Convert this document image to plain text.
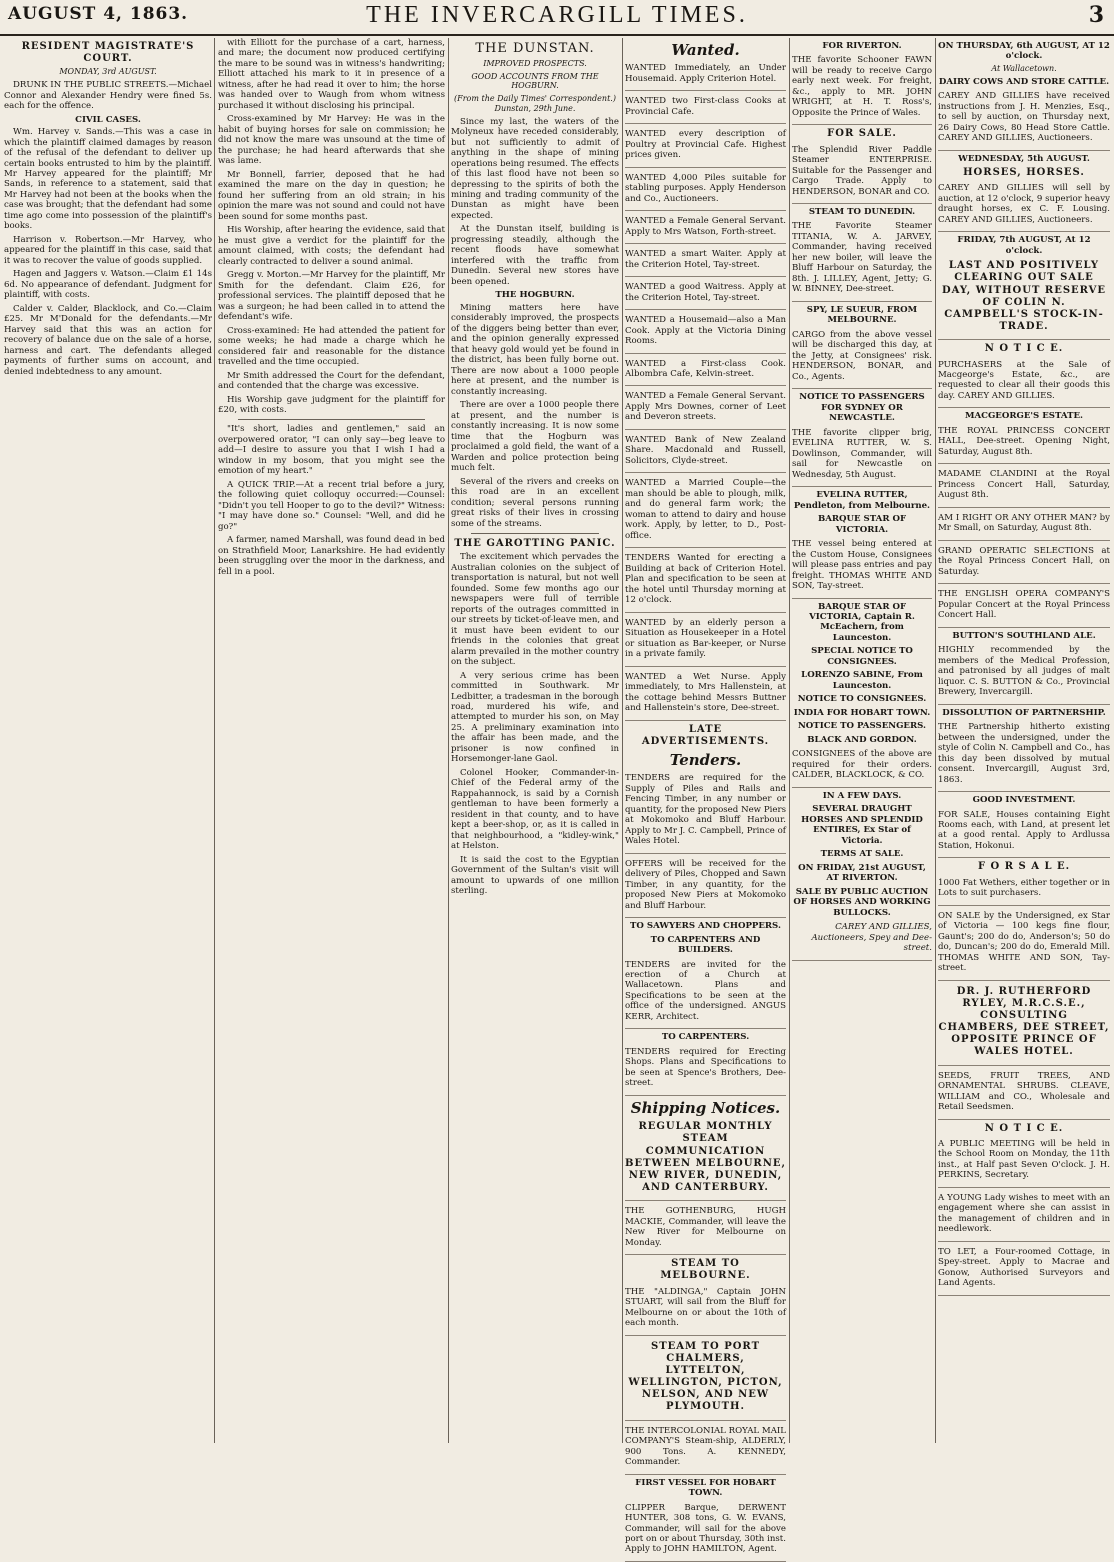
AUGUST 4, 1863.	THE INVERCARGILL TIMES.	3

RESIDENT MAGISTRATE'S COURT.

MONDAY, 3rd AUGUST.

DRUNK IN THE PUBLIC STREETS.—Michael Connor and Alexander Hendry were fined 5s. each for the offence.

CIVIL CASES.

Wm. Harvey v. Sands.—This was a case in which the plaintiff claimed damages by reason of the refusal of the defendant to deliver up certain books entrusted to him by the plaintiff. Mr Harvey appeared for the plaintiff; Mr Sands, in reference to a statement, said that Mr Harvey had not been at the books when the case was brought; that the defendant had some time ago come into possession of the plaintiff's books.

Harrison v. Robertson.—Mr Harvey, who appeared for the plaintiff in this case, said that it was to recover the value of goods supplied.

Hagen and Jaggers v. Watson.—Claim £1 14s 6d. No appearance of defendant. Judgment for plaintiff, with costs.

Calder v. Calder, Blacklock, and Co.—Claim £25. Mr M'Donald for the defendants.—Mr Harvey said that this was an action for recovery of balance due on the sale of a horse, harness and cart. The defendants alleged payments of further sums on account, and denied indebtedness to any amount.

with Elliott for the purchase of a cart, harness, and mare; the document now produced certifying the mare to be sound was in witness's handwriting; Elliott attached his mark to it in presence of a witness, after he had read it over to him; the horse was handed over to Waugh from whom witness purchased it without disclosing his principal.

Cross-examined by Mr Harvey: He was in the habit of buying horses for sale on commission; he did not know the mare was unsound at the time of the purchase; he had heard afterwards that she was lame.

Mr Bonnell, farrier, deposed that he had examined the mare on the day in question; he found her suffering from an old strain; in his opinion the mare was not sound and could not have been sound for some months past.

His Worship, after hearing the evidence, said that he must give a verdict for the plaintiff for the amount claimed, with costs; the defendant had clearly contracted to deliver a sound animal.

Gregg v. Morton.—Mr Harvey for the plaintiff, Mr Smith for the defendant. Claim £26, for professional services. The plaintiff deposed that he was a surgeon; he had been called in to attend the defendant's wife.

Cross-examined: He had attended the patient for some weeks; he had made a charge which he considered fair and reasonable for the distance travelled and the time occupied.

Mr Smith addressed the Court for the defendant, and contended that the charge was excessive.

His Worship gave judgment for the plaintiff for £20, with costs.

"It's short, ladies and gentlemen," said an overpowered orator, "I can only say—beg leave to add—I desire to assure you that I wish I had a window in my bosom, that you might see the emotion of my heart."

A QUICK TRIP.—At a recent trial before a jury, the following quiet colloquy occurred:—Counsel: "Didn't you tell Hooper to go to the devil?" Witness: "I may have done so." Counsel: "Well, and did he go?"

A farmer, named Marshall, was found dead in bed on Strathfield Moor, Lanarkshire. He had evidently been struggling over the moor in the darkness, and fell in a pool.

THE DUNSTAN.

IMPROVED PROSPECTS.

GOOD ACCOUNTS FROM THE HOGBURN.

(From the Daily Times' Correspondent.) Dunstan, 29th June.

Since my last, the waters of the Molyneux have receded considerably, but not sufficiently to admit of anything in the shape of mining operations being resumed. The effects of this last flood have not been so depressing to the spirits of both the mining and trading community of the Dunstan as might have been expected.

At the Dunstan itself, building is progressing steadily, although the recent floods have somewhat interfered with the traffic from Dunedin. Several new stores have been opened.

THE HOGBURN.

Mining matters here have considerably improved, the prospects of the diggers being better than ever, and the opinion generally expressed that heavy gold would yet be found in the district, has been fully borne out. There are now about a 1000 people here at present, and the number is constantly increasing.

There are over a 1000 people there at present, and the number is constantly increasing. It is now some time that the Hogburn was proclaimed a gold field, the want of a Warden and police protection being much felt.

Several of the rivers and creeks on this road are in an excellent condition; several persons running great risks of their lives in crossing some of the streams.

THE GAROTTING PANIC.

The excitement which pervades the Australian colonies on the subject of transportation is natural, but not well founded. Some few months ago our newspapers were full of terrible reports of the outrages committed in our streets by ticket-of-leave men, and it must have been evident to our friends in the colonies that great alarm prevailed in the mother country on the subject.

A very serious crime has been committed in Southwark. Mr Ledbitter, a tradesman in the borough road, murdered his wife, and attempted to murder his son, on May 25. A preliminary examination into the affair has been made, and the prisoner is now confined in Horsemonger-lane Gaol.

Colonel Hooker, Commander-in-Chief of the Federal army of the Rappahannock, is said by a Cornish gentleman to have been formerly a resident in that county, and to have kept a beer-shop, or, as it is called in that neighbourhood, a "kidley-wink," at Helston.

It is said the cost to the Egyptian Government of the Sultan's visit will amount to upwards of one million sterling.

Wanted.

WANTED Immediately, an Under Housemaid. Apply Criterion Hotel.

WANTED two First-class Cooks at Provincial Cafe.

WANTED every description of Poultry at Provincial Cafe. Highest prices given.

WANTED 4,000 Piles suitable for stabling purposes. Apply Henderson and Co., Auctioneers.

WANTED a Female General Servant. Apply to Mrs Watson, Forth-street.

WANTED a smart Waiter. Apply at the Criterion Hotel, Tay-street.

WANTED a good Waitress. Apply at the Criterion Hotel, Tay-street.

WANTED a Housemaid—also a Man Cook. Apply at the Victoria Dining Rooms.

WANTED a First-class Cook. Albombra Cafe, Kelvin-street.

WANTED a Female General Servant. Apply Mrs Downes, corner of Leet and Deveron streets.

WANTED Bank of New Zealand Share. Macdonald and Russell, Solicitors, Clyde-street.

WANTED a Married Couple—the man should be able to plough, milk, and do general farm work; the woman to attend to dairy and house work. Apply, by letter, to D., Post-office.

TENDERS Wanted for erecting a Building at back of Criterion Hotel. Plan and specification to be seen at the hotel until Thursday morning at 12 o'clock.

WANTED by an elderly person a Situation as Housekeeper in a Hotel or situation as Bar-keeper, or Nurse in a private family.

WANTED a Wet Nurse. Apply immediately, to Mrs Hallenstein, at the cottage behind Messrs Buttner and Hallenstein's store, Dee-street.

LATE ADVERTISEMENTS.

Tenders.

TENDERS are required for the Supply of Piles and Rails and Fencing Timber, in any number or quantity, for the proposed New Piers at Mokomoko and Bluff Harbour. Apply to Mr J. C. Campbell, Prince of Wales Hotel.

OFFERS will be received for the delivery of Piles, Chopped and Sawn Timber, in any quantity, for the proposed New Piers at Mokomoko and Bluff Harbour.

TO SAWYERS AND CHOPPERS.

TO CARPENTERS AND BUILDERS.

TENDERS are invited for the erection of a Church at Wallacetown. Plans and Specifications to be seen at the office of the undersigned. ANGUS KERR, Architect.

TO CARPENTERS.

TENDERS required for Erecting Shops. Plans and Specifications to be seen at Spence's Brothers, Dee-street.

Shipping Notices.

REGULAR MONTHLY STEAM COMMUNICATION BETWEEN MELBOURNE, NEW RIVER, DUNEDIN, AND CANTERBURY.

THE GOTHENBURG, HUGH MACKIE, Commander, will leave the New River for Melbourne on Monday.

STEAM TO MELBOURNE.

THE "ALDINGA," Captain JOHN STUART, will sail from the Bluff for Melbourne on or about the 10th of each month.

STEAM TO PORT CHALMERS, LYTTELTON, WELLINGTON, PICTON, NELSON, AND NEW PLYMOUTH.

THE INTERCOLONIAL ROYAL MAIL COMPANY'S Steam-ship, ALDERLY, 900 Tons. A. KENNEDY, Commander.

FIRST VESSEL FOR HOBART TOWN.

CLIPPER Barque, DERWENT HUNTER, 308 tons, G. W. EVANS, Commander, will sail for the above port on or about Thursday, 30th inst. Apply to JOHN HAMILTON, Agent.

FOR RIVERTON.

THE favorite Schooner FAWN will be ready to receive Cargo early next week. For freight, &c., apply to MR. JOHN WRIGHT, at H. T. Ross's, Opposite the Prince of Wales.

FOR SALE.

The Splendid River Paddle Steamer ENTERPRISE. Suitable for the Passenger and Cargo Trade. Apply to HENDERSON, BONAR and CO.

STEAM TO DUNEDIN.

THE Favorite Steamer TITANIA, W. A. JARVEY, Commander, having received her new boiler, will leave the Bluff Harbour on Saturday, the 8th. J. LILLEY, Agent, Jetty; G. W. BINNEY, Dee-street.

SPY, LE SUEUR, FROM MELBOURNE.

CARGO from the above vessel will be discharged this day, at the Jetty, at Consignees' risk. HENDERSON, BONAR, and Co., Agents.

NOTICE TO PASSENGERS FOR SYDNEY OR NEWCASTLE.

THE favorite clipper brig, EVELINA RUTTER, W. S. Dowlinson, Commander, will sail for Newcastle on Wednesday, 5th August.

EVELINA RUTTER, Pendleton, from Melbourne.

BARQUE STAR OF VICTORIA.

THE vessel being entered at the Custom House, Consignees will please pass entries and pay freight. THOMAS WHITE AND SON, Tay-street.

BARQUE STAR OF VICTORIA, Captain R. McEachern, from Launceston.

SPECIAL NOTICE TO CONSIGNEES.

LORENZO SABINE, From Launceston.

NOTICE TO CONSIGNEES.

INDIA FOR HOBART TOWN.

NOTICE TO PASSENGERS.

BLACK AND GORDON.

CONSIGNEES of the above are required for their orders. CALDER, BLACKLOCK, & CO.

IN A FEW DAYS.

SEVERAL DRAUGHT HORSES AND SPLENDID ENTIRES, Ex Star of Victoria.

TERMS AT SALE.

ON FRIDAY, 21st AUGUST, AT RIVERTON.

SALE BY PUBLIC AUCTION OF HORSES AND WORKING BULLOCKS.

CAREY AND GILLIES, Auctioneers, Spey and Dee-street.

ON THURSDAY, 6th AUGUST, AT 12 o'clock.

At Wallacetown.

DAIRY COWS AND STORE CATTLE.

CAREY AND GILLIES have received instructions from J. H. Menzies, Esq., to sell by auction, on Thursday next, 26 Dairy Cows, 80 Head Store Cattle. CAREY AND GILLIES, Auctioneers.

WEDNESDAY, 5th AUGUST.

HORSES, HORSES.

CAREY AND GILLIES will sell by auction, at 12 o'clock, 9 superior heavy draught horses, ex C. F. Lousing. CAREY AND GILLIES, Auctioneers.

FRIDAY, 7th AUGUST, At 12 o'clock.

LAST AND POSITIVELY CLEARING OUT SALE DAY, WITHOUT RESERVE OF COLIN N. CAMPBELL'S STOCK-IN-TRADE.

N O T I C E.

PURCHASERS at the Sale of Macgeorge's Estate, &c., are requested to clear all their goods this day. CAREY AND GILLIES.

MACGEORGE'S ESTATE.

THE ROYAL PRINCESS CONCERT HALL, Dee-street. Opening Night, Saturday, August 8th.

MADAME CLANDINI at the Royal Princess Concert Hall, Saturday, August 8th.

AM I RIGHT OR ANY OTHER MAN? by Mr Small, on Saturday, August 8th.

GRAND OPERATIC SELECTIONS at the Royal Princess Concert Hall, on Saturday.

THE ENGLISH OPERA COMPANY'S Popular Concert at the Royal Princess Concert Hall.

BUTTON'S SOUTHLAND ALE.

HIGHLY recommended by the members of the Medical Profession, and patronised by all judges of malt liquor. C. S. BUTTON & Co., Provincial Brewery, Invercargill.

DISSOLUTION OF PARTNERSHIP.

THE Partnership hitherto existing between the undersigned, under the style of Colin N. Campbell and Co., has this day been dissolved by mutual consent. Invercargill, August 3rd, 1863.

GOOD INVESTMENT.

FOR SALE, Houses containing Eight Rooms each, with Land, at present let at a good rental. Apply to Ardlussa Station, Hokonui.

F O R S A L E.

1000 Fat Wethers, either together or in Lots to suit purchasers.

ON SALE by the Undersigned, ex Star of Victoria — 100 kegs fine flour, Gaunt's; 200 do do, Anderson's; 50 do do, Duncan's; 200 do do, Emerald Mill. THOMAS WHITE AND SON, Tay-street.

DR. J. RUTHERFORD RYLEY, M.R.C.S.E., CONSULTING CHAMBERS, DEE STREET, OPPOSITE PRINCE OF WALES HOTEL.

SEEDS, FRUIT TREES, AND ORNAMENTAL SHRUBS. CLEAVE, WILLIAM and CO., Wholesale and Retail Seedsmen.

N O T I C E.

A PUBLIC MEETING will be held in the School Room on Monday, the 11th inst., at Half past Seven O'clock. J. H. PERKINS, Secretary.

A YOUNG Lady wishes to meet with an engagement where she can assist in the management of children and in needlework.

TO LET, a Four-roomed Cottage, in Spey-street. Apply to Macrae and Gonow, Authorised Surveyors and Land Agents.
